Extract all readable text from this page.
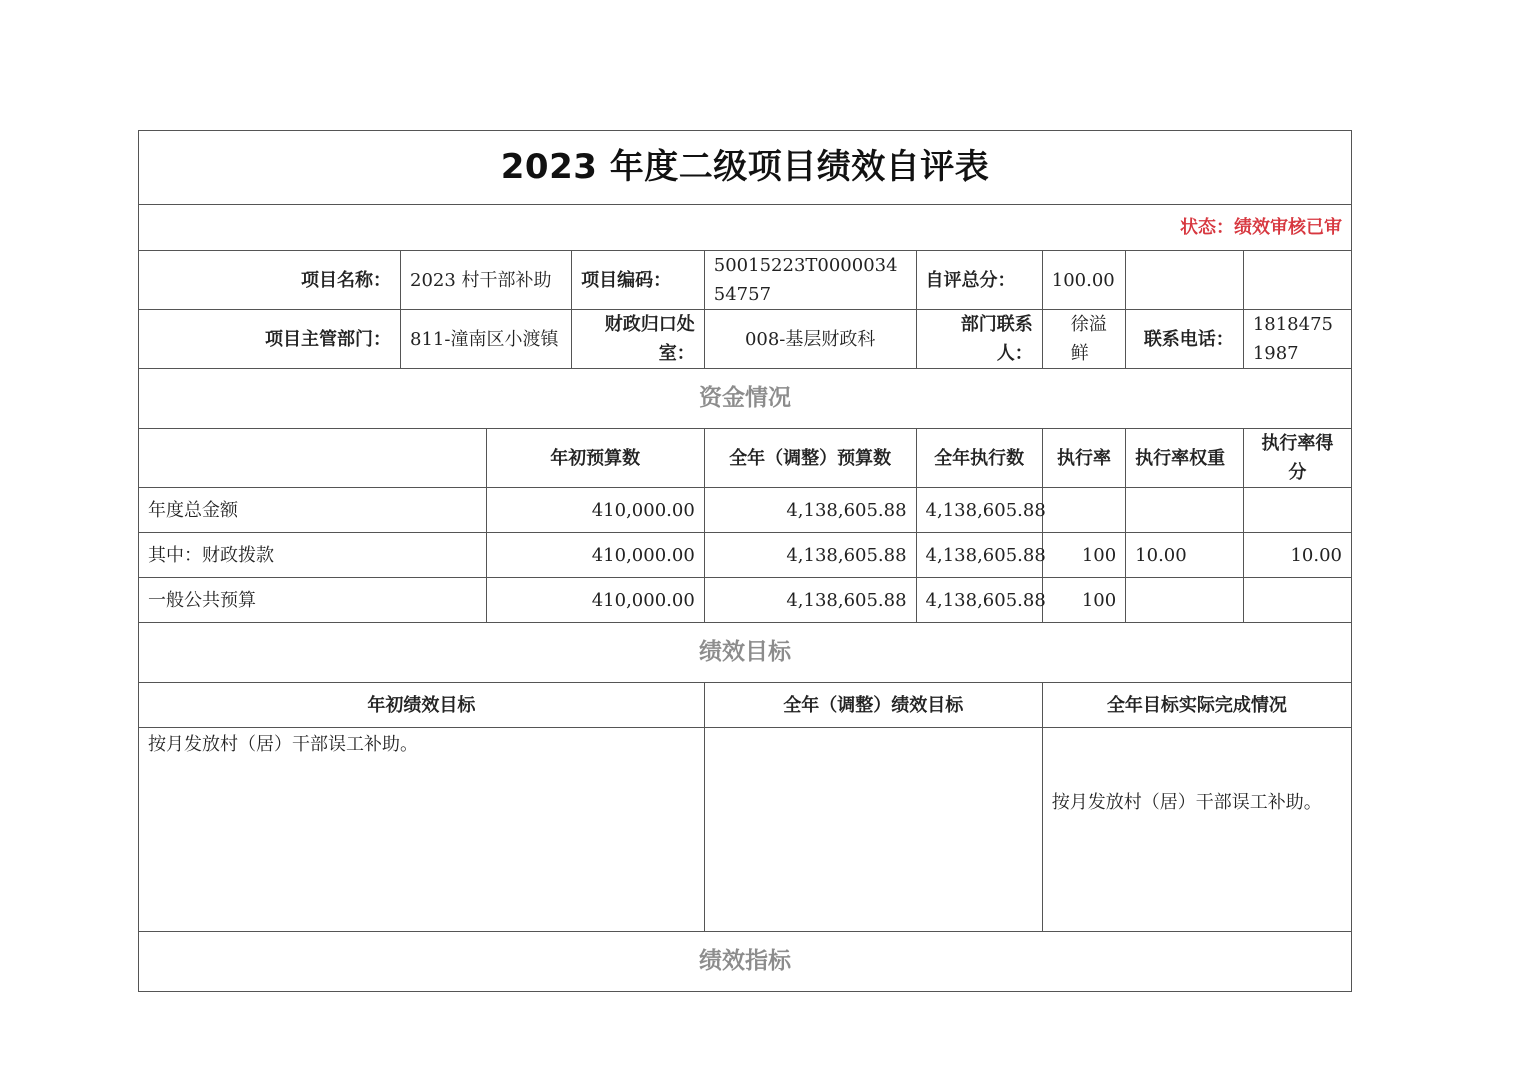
2023 年度二级项目绩效自评表								
状态：绩效审核已审								
项目名称：	2023 村干部补助		项目编码：	50015223T000003454757	自评总分：	100.00		
项目主管部门：	811-潼南区小渡镇		财政归口处室：	008-基层财政科	部门联系人：	徐溢鲜	联系电话：	18184751987
资金情况								
		年初预算数		全年（调整）预算数	全年执行数	执行率	执行率权重	执行率得分
年度总金额		410,000.00		4,138,605.88	4,138,605.88			
其中：财政拨款		410,000.00		4,138,605.88	4,138,605.88	100	10.00	10.00
一般公共预算		410,000.00		4,138,605.88	4,138,605.88	100		
绩效目标								
年初绩效目标				全年（调整）绩效目标		全年目标实际完成情况		
按月发放村（居）干部误工补助。						按月发放村（居）干部误工补助。		
绩效指标								
